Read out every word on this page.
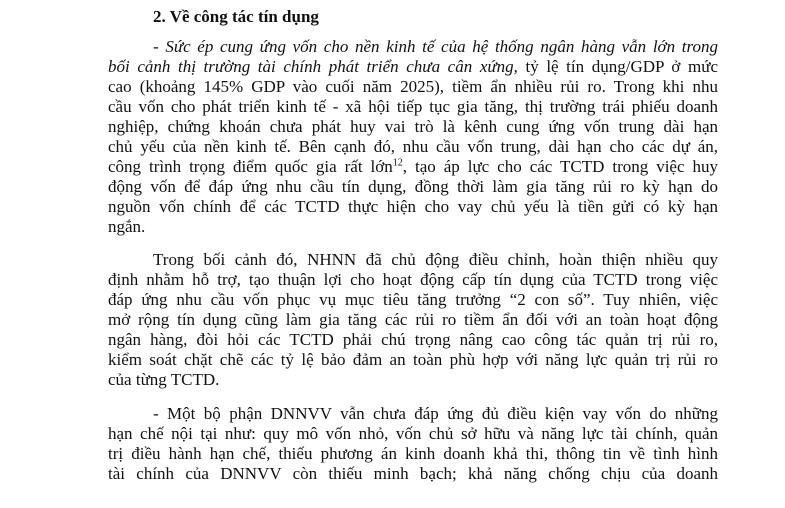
2. Về công tác tín dụng
- Sức ép cung ứng vốn cho nền kinh tế của hệ thống ngân hàng vẫn lớn trong
bối cảnh thị trường tài chính phát triển chưa cân xứng, tỷ lệ tín dụng/GDP ở mức
cao (khoảng 145% GDP vào cuối năm 2025), tiềm ẩn nhiều rủi ro. Trong khi nhu
cầu vốn cho phát triển kinh tế - xã hội tiếp tục gia tăng, thị trường trái phiếu doanh
nghiệp, chứng khoán chưa phát huy vai trò là kênh cung ứng vốn trung dài hạn
chủ yếu của nền kinh tế. Bên cạnh đó, nhu cầu vốn trung, dài hạn cho các dự án,
công trình trọng điểm quốc gia rất lớn$^{12}$, tạo áp lực cho các TCTD trong việc huy
động vốn để đáp ứng nhu cầu tín dụng, đồng thời làm gia tăng rủi ro kỳ hạn do
nguồn vốn chính để các TCTD thực hiện cho vay chủ yếu là tiền gửi có kỳ hạn
ngắn.
Trong bối cảnh đó, NHNN đã chủ động điều chỉnh, hoàn thiện nhiều quy
định nhằm hỗ trợ, tạo thuận lợi cho hoạt động cấp tín dụng của TCTD trong việc
đáp ứng nhu cầu vốn phục vụ mục tiêu tăng trưởng “2 con số”. Tuy nhiên, việc
mở rộng tín dụng cũng làm gia tăng các rủi ro tiềm ẩn đối với an toàn hoạt động
ngân hàng, đòi hỏi các TCTD phải chú trọng nâng cao công tác quản trị rủi ro,
kiểm soát chặt chẽ các tỷ lệ bảo đảm an toàn phù hợp với năng lực quản trị rủi ro
của từng TCTD.
- Một bộ phận DNNVV vẫn chưa đáp ứng đủ điều kiện vay vốn do những
hạn chế nội tại như: quy mô vốn nhỏ, vốn chủ sở hữu và năng lực tài chính, quản
trị điều hành hạn chế, thiếu phương án kinh doanh khả thi, thông tin về tình hình
tài chính của DNNVV còn thiếu minh bạch; khả năng chống chịu của doanh
